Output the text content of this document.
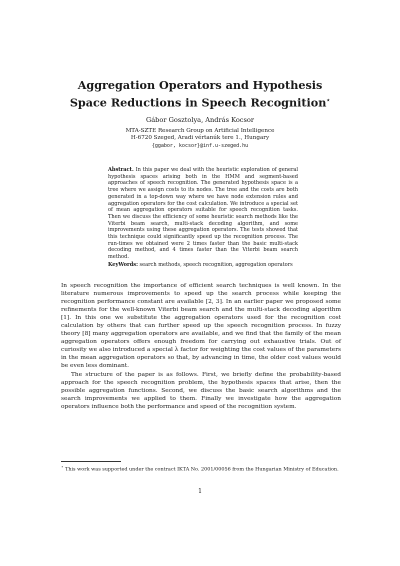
Aggregation Operators and Hypothesis Space Reductions in Speech Recognition⋆
Gábor Gosztolya, András Kocsor
MTA-SZTE Research Group on Artificial Intelligence
H-6720 Szeged, Aradi vértanúk tere 1., Hungary
{ggabor, kocsor}@inf.u-szeged.hu
Abstract. In this paper we deal with the heuristic exploration of general hypothesis spaces arising both in the HMM and segment-based approaches of speech recognition. The generated hypothesis space is a tree where we assign costs to its nodes. The tree and the costs are both generated in a top-down way where we have node extension rules and aggregation operators for the cost calculation. We introduce a special set of mean aggregation operators suitable for speech recognition tasks. Then we discuss the efficiency of some heuristic search methods like the Viterbi beam search, multi-stack decoding algorithm, and some improvements using these aggregation operators. The tests showed that this technique could significantly speed up the recognition process. The run-times we obtained were 2 times faster than the basic multi-stack decoding method, and 4 times faster than the Viterbi beam search method.
KeyWords: search methods, speech recognition, aggregation operators

In speech recognition the importance of efficient search techniques is well known. In the literature numerous improvements to speed up the search process while keeping the recognition performance constant are available [2, 3]. In an earlier paper we proposed some refinements for the well-known Viterbi beam search and the multi-stack decoding algorithm [1]. In this one we substitute the aggregation operators used for the recognition cost calculation by others that can further speed up the speech recognition process. In fuzzy theory [8] many aggregation operators are available, and we find that the family of the mean aggregation operators offers enough freedom for carrying out exhaustive trials. Out of curiosity we also introduced a special λ factor for weighting the cost values of the parameters in the mean aggregation operators so that, by advancing in time, the older cost values would be even less dominant.

The structure of the paper is as follows. First, we briefly define the probability-based approach for the speech recognition problem, the hypothesis spaces that arise, then the possible aggregation functions. Second, we discuss the basic search algorithms and the search improvements we applied to them. Finally we investigate how the aggregation operators influence both the performance and speed of the recognition system.

⋆ This work was supported under the contract IKTA No. 2001/00056 from the Hungarian Ministry of Education.
1
